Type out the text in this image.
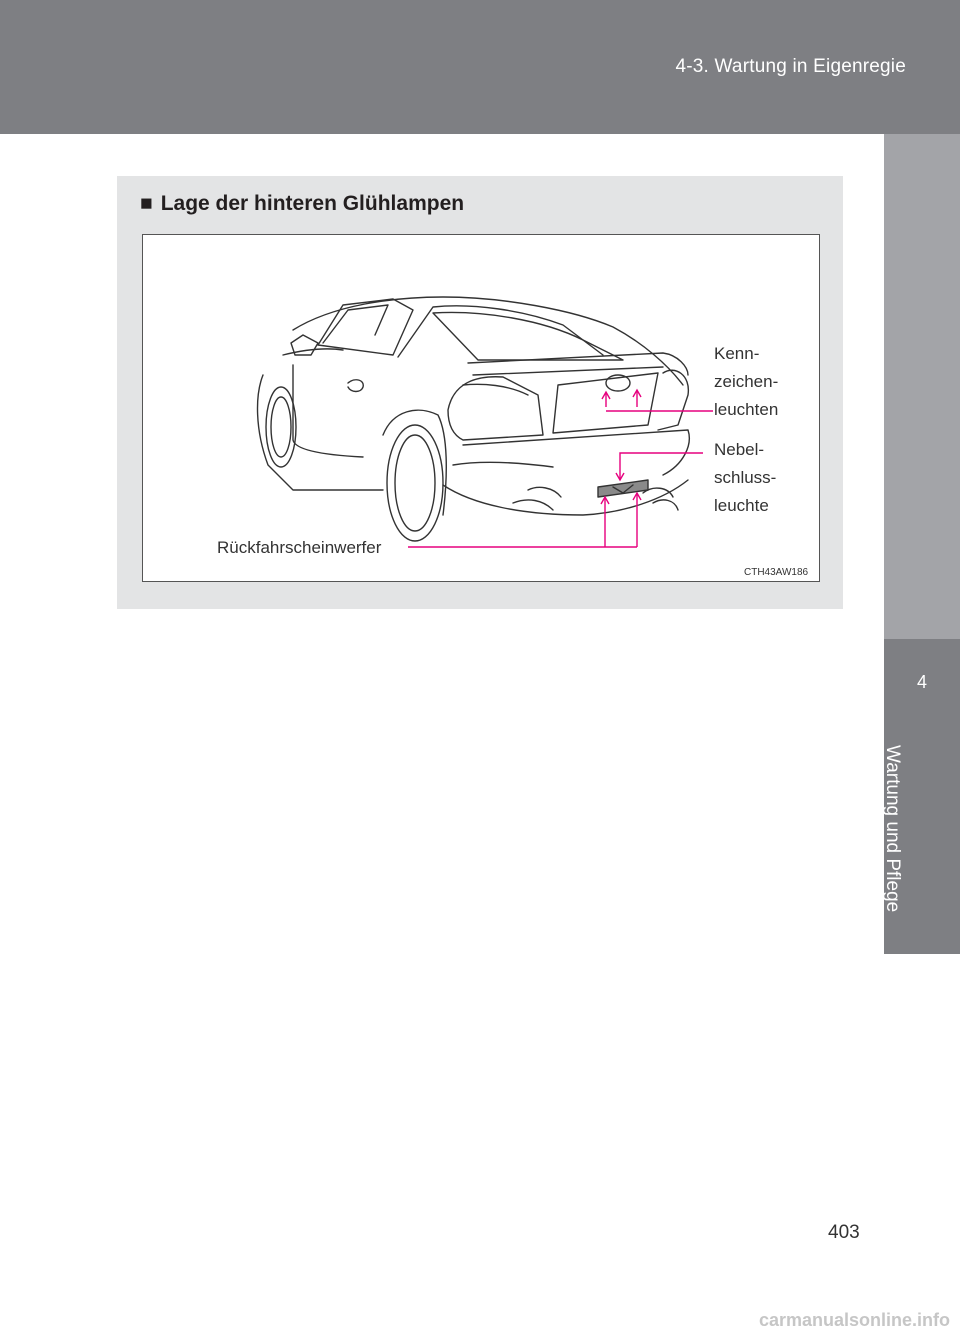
4-3. Wartung in Eigenregie
4
Wartung und Pflege
■ Lage der hinteren Glühlampen
Kenn-
zeichen-
leuchten
Nebel-
schluss-
leuchte
Rückfahrscheinwerfer
CTH43AW186
403
carmanualsonline.info
